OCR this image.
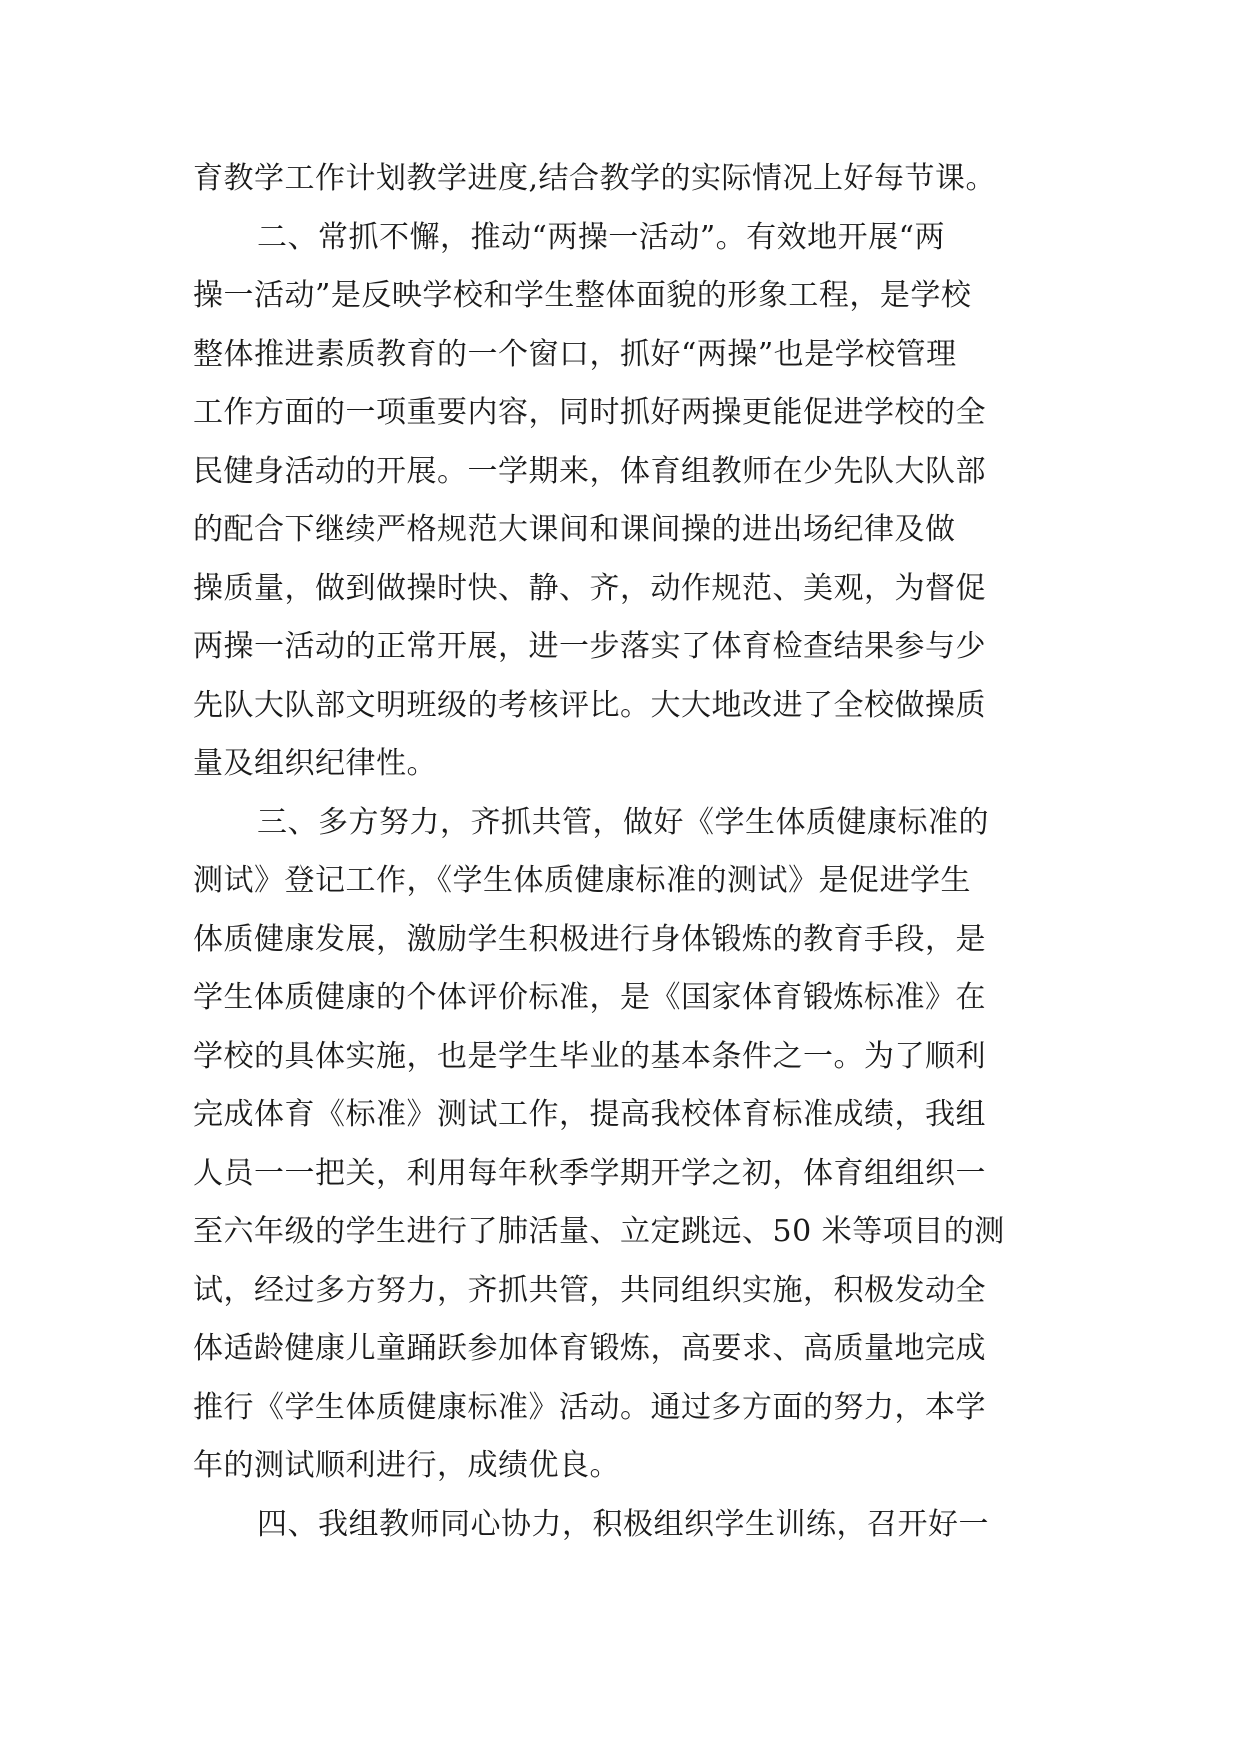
育教学工作计划教学进度,结合教学的实际情况上好每节课。
二、常抓不懈，推动“两操一活动”。有效地开展“两
操一活动”是反映学校和学生整体面貌的形象工程，是学校
整体推进素质教育的一个窗口，抓好“两操”也是学校管理
工作方面的一项重要内容，同时抓好两操更能促进学校的全
民健身活动的开展。一学期来，体育组教师在少先队大队部
的配合下继续严格规范大课间和课间操的进出场纪律及做
操质量，做到做操时快、静、齐，动作规范、美观，为督促
两操一活动的正常开展，进一步落实了体育检查结果参与少
先队大队部文明班级的考核评比。大大地改进了全校做操质
量及组织纪律性。
三、多方努力，齐抓共管，做好《学生体质健康标准的
测试》登记工作，《学生体质健康标准的测试》是促进学生
体质健康发展，激励学生积极进行身体锻炼的教育手段，是
学生体质健康的个体评价标准，是《国家体育锻炼标准》在
学校的具体实施，也是学生毕业的基本条件之一。为了顺利
完成体育《标准》测试工作，提高我校体育标准成绩，我组
人员一一把关，利用每年秋季学期开学之初，体育组组织一
至六年级的学生进行了肺活量、立定跳远、50 米等项目的测
试，经过多方努力，齐抓共管，共同组织实施，积极发动全
体适龄健康儿童踊跃参加体育锻炼，高要求、高质量地完成
推行《学生体质健康标准》活动。通过多方面的努力，本学
年的测试顺利进行，成绩优良。
四、我组教师同心协力，积极组织学生训练，召开好一
